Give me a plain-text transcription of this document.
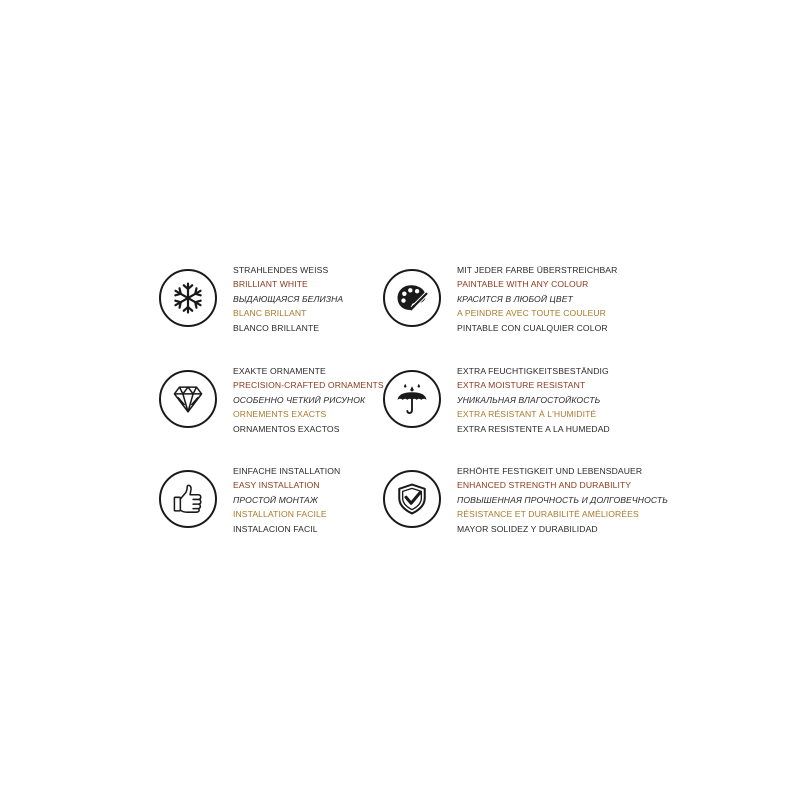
STRAHLENDES WEISS
BRILLIANT WHITE
ВЫДАЮЩАЯСЯ БЕЛИЗНА
BLANC BRILLANT
BLANCO BRILLANTE
MIT JEDER FARBE ÜBERSTREICHBAR
PAINTABLE WITH ANY COLOUR
КРАСИТСЯ В ЛЮБОЙ ЦВЕТ
A PEINDRE AVEC TOUTE COULEUR
PINTABLE CON CUALQUIER COLOR
EXAKTE ORNAMENTE
PRECISION-CRAFTED ORNAMENTS
ОСОБЕННО ЧЕТКИЙ РИСУНОК
ORNEMENTS EXACTS
ORNAMENTOS EXACTOS
EXTRA FEUCHTIGKEITSBESTÄNDIG
EXTRA MOISTURE RESISTANT
УНИКАЛЬНАЯ ВЛАГОСТОЙКОСТЬ
EXTRA RÉSISTANT À L'HUMIDITÉ
EXTRA RESISTENTE A LA HUMEDAD
EINFACHE INSTALLATION
EASY INSTALLATION
ПРОСТОЙ МОНТАЖ
INSTALLATION FACILE
INSTALACION FACIL
ERHÖHTE FESTIGKEIT UND LEBENSDAUER
ENHANCED STRENGTH AND DURABILITY
ПОВЫШЕННАЯ ПРОЧНОСТЬ И ДОЛГОВЕЧНОСТЬ
RÉSISTANCE ET DURABILITÉ AMÉLIORÉES
MAYOR SOLIDEZ Y DURABILIDAD
